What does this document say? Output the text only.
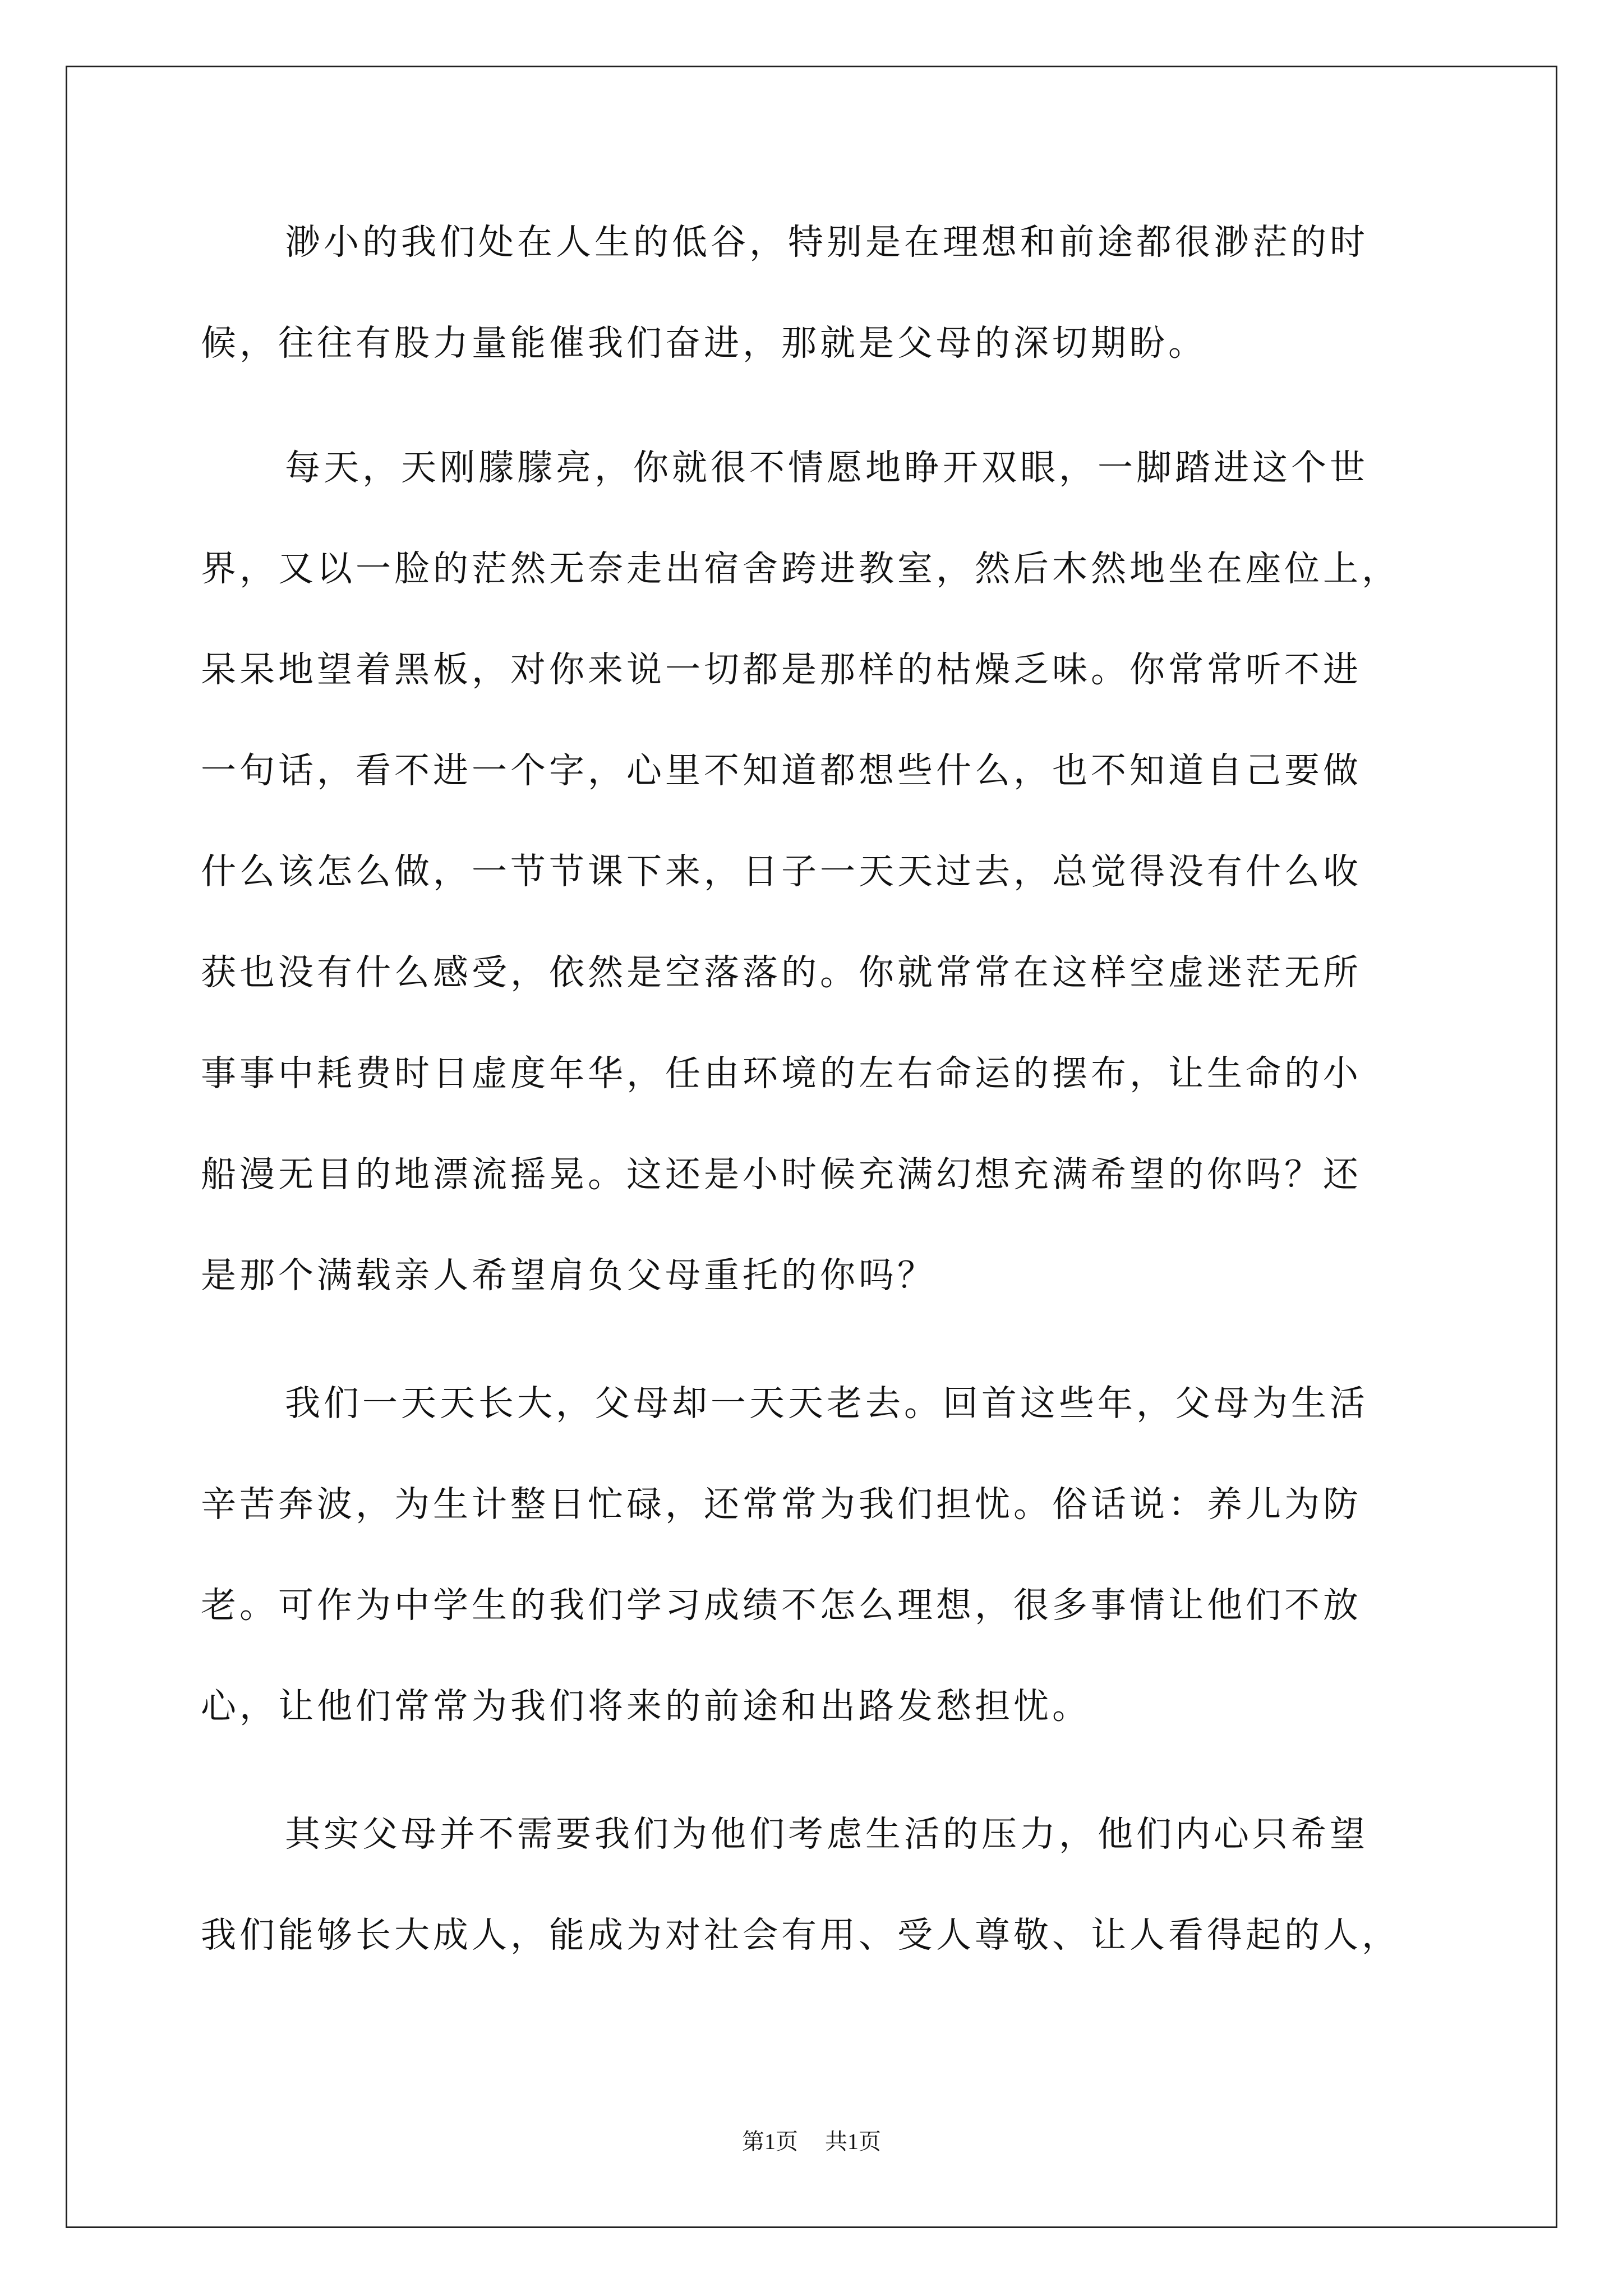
渺小的我们处在人生的低谷，特别是在理想和前途都很渺茫的时
候，往往有股力量能催我们奋进，那就是父母的深切期盼。
每天，天刚朦朦亮，你就很不情愿地睁开双眼，一脚踏进这个世
界，又以一脸的茫然无奈走出宿舍跨进教室，然后木然地坐在座位上，
呆呆地望着黑板，对你来说一切都是那样的枯燥乏味。你常常听不进
一句话，看不进一个字，心里不知道都想些什么，也不知道自己要做
什么该怎么做，一节节课下来，日子一天天过去，总觉得没有什么收
获也没有什么感受，依然是空落落的。你就常常在这样空虚迷茫无所
事事中耗费时日虚度年华，任由环境的左右命运的摆布，让生命的小
船漫无目的地漂流摇晃。这还是小时候充满幻想充满希望的你吗？还
是那个满载亲人希望肩负父母重托的你吗？
我们一天天长大，父母却一天天老去。回首这些年，父母为生活
辛苦奔波，为生计整日忙碌，还常常为我们担忧。俗话说：养儿为防
老。可作为中学生的我们学习成绩不怎么理想，很多事情让他们不放
心，让他们常常为我们将来的前途和出路发愁担忧。
其实父母并不需要我们为他们考虑生活的压力，他们内心只希望
我们能够长大成人，能成为对社会有用、受人尊敬、让人看得起的人，
第1页 共1页
